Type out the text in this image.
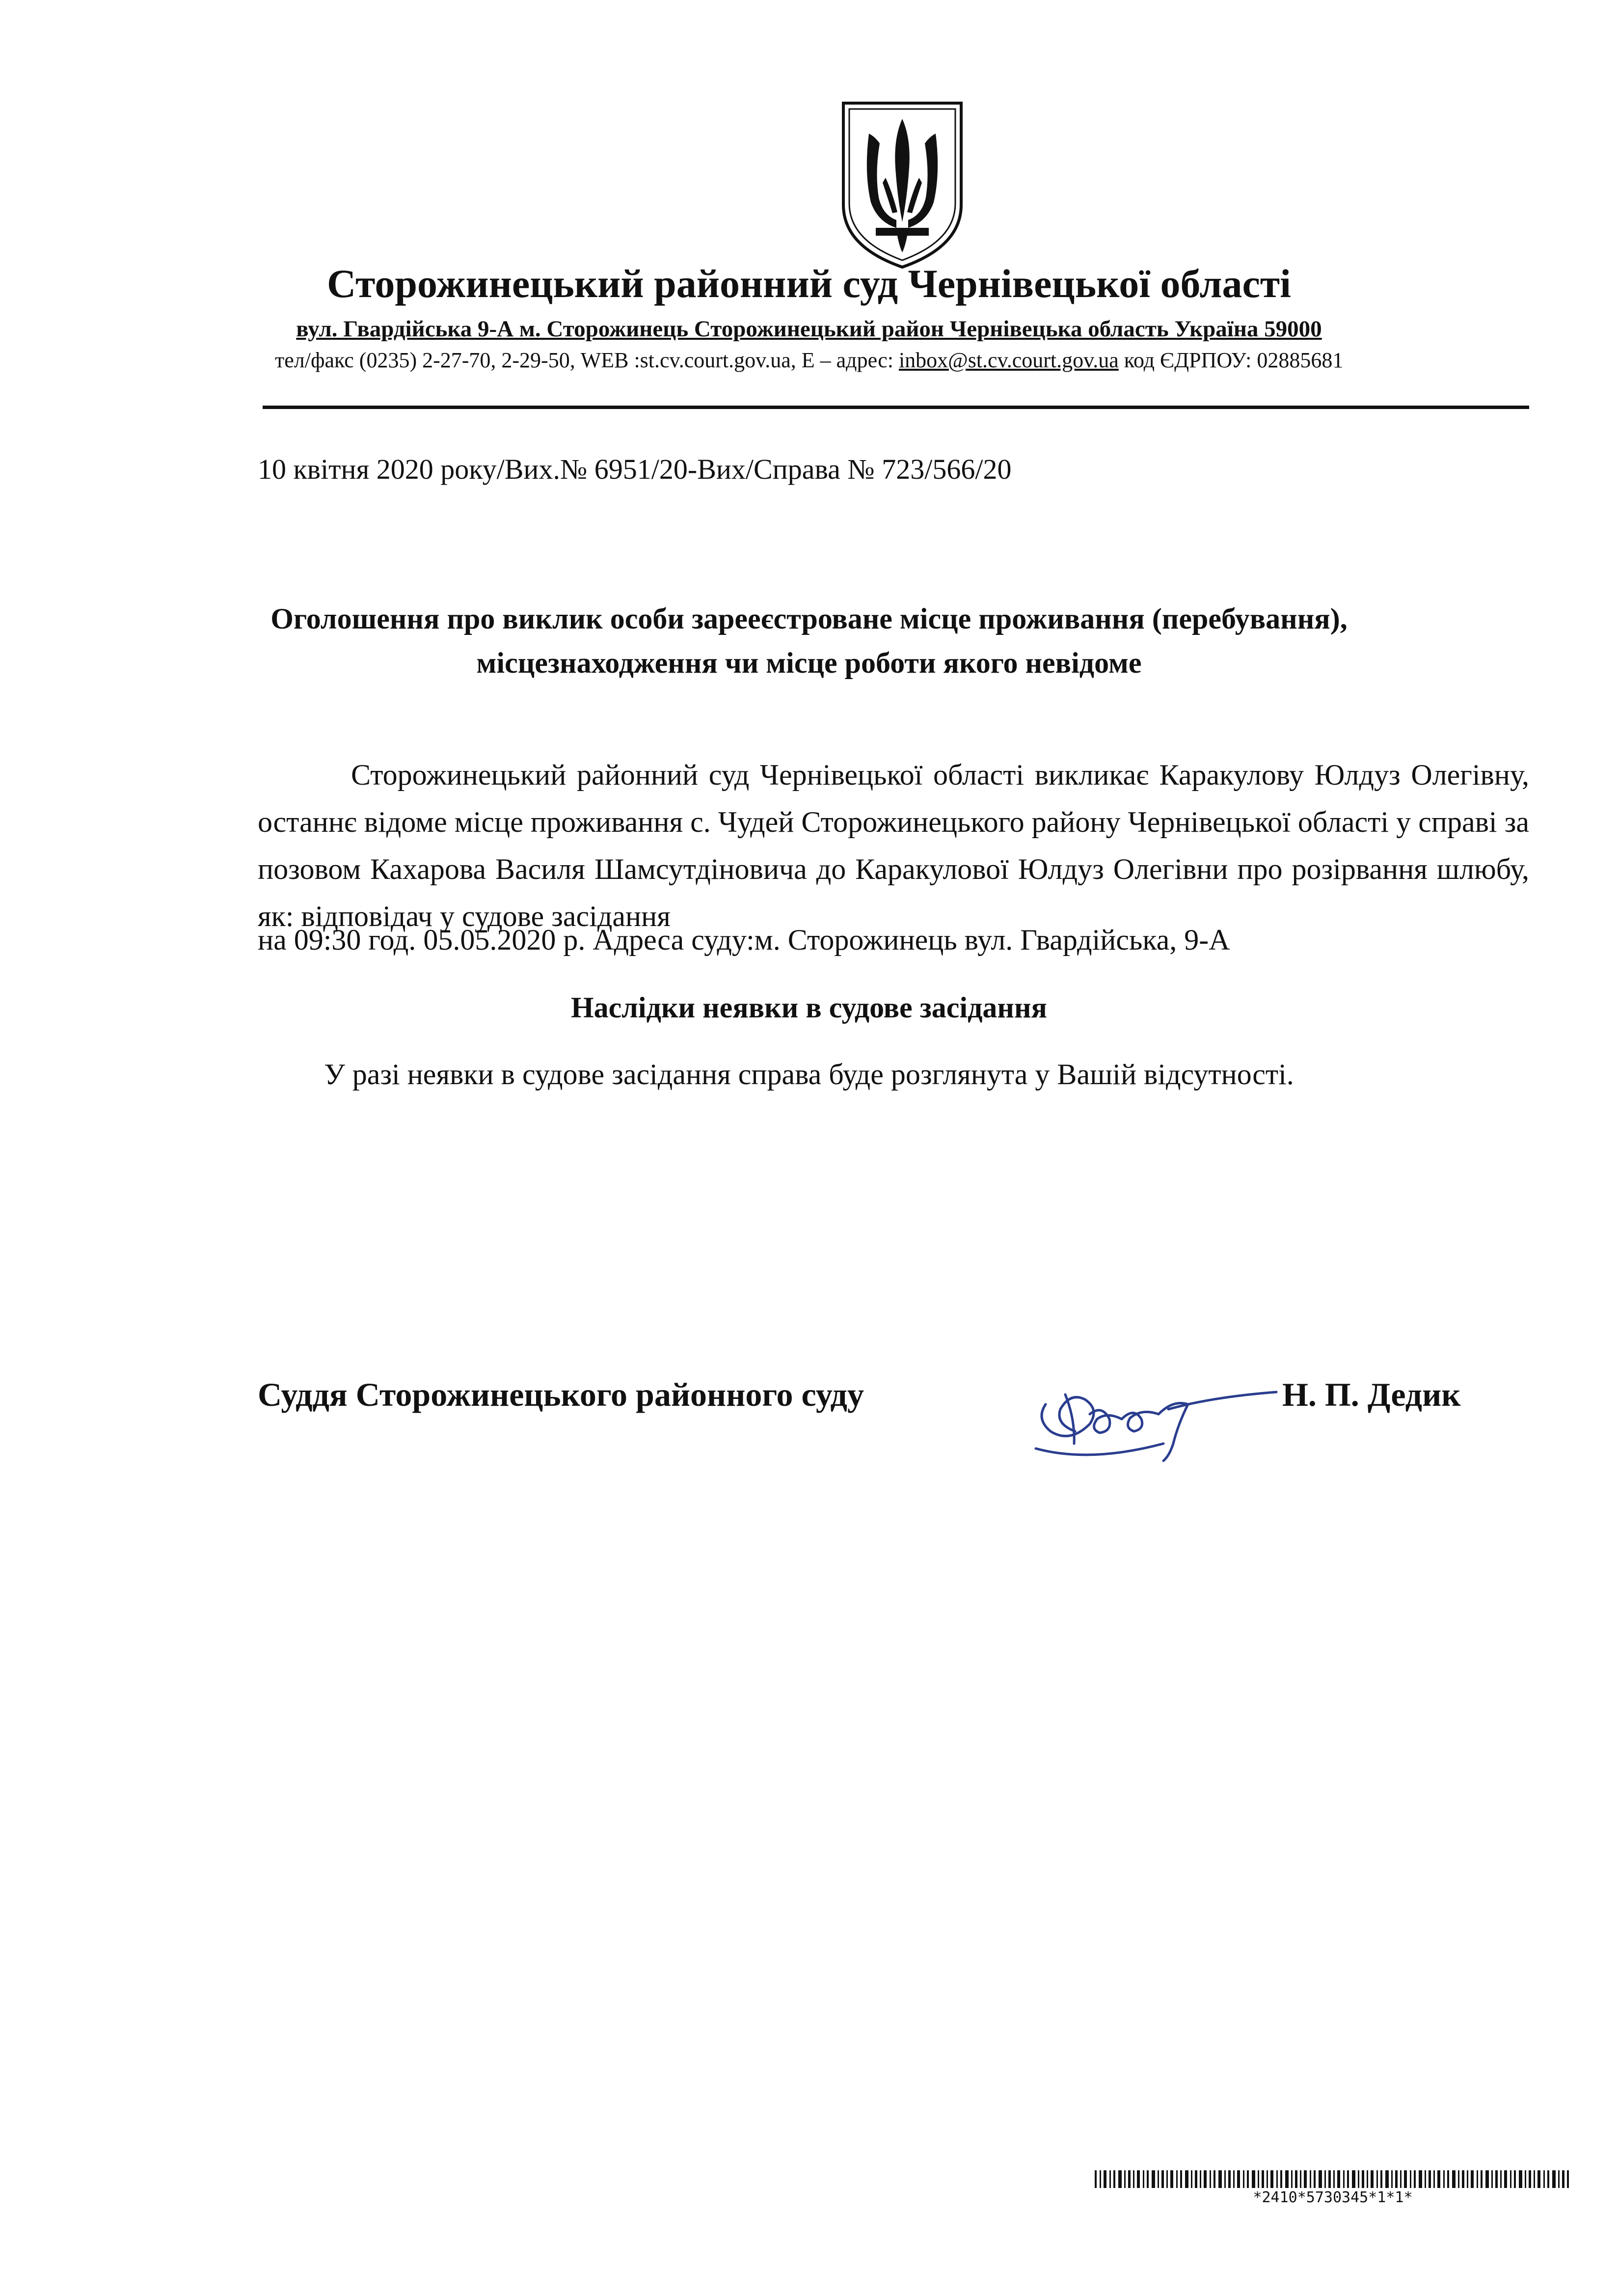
Сторожинецький районний суд Чернівецької області
вул. Гвардійська 9-А м. Сторожинець Сторожинецький район Чернівецька область Україна 59000
тел/факс (0235) 2-27-70, 2-29-50, WEB :st.cv.court.gov.ua, E – адрес: inbox@st.cv.court.gov.ua код ЄДРПОУ: 02885681
10 квітня 2020 року/Вих.№ 6951/20-Вих/Справа № 723/566/20
Оголошення про виклик особи зарееєстроване місце проживання (перебування),
місцезнаходження чи місце роботи якого невідоме
Сторожинецький районний суд Чернівецької області викликає Каракулову Юлдуз Олегівну, останнє відоме місце проживання с. Чудей Сторожинецького району Чернівецької області у справі за позовом Кахарова Василя Шамсутдіновича до Каракулової Юлдуз Олегівни про розірвання шлюбу, як: відповідач у судове засідання
на 09:30 год. 05.05.2020 р. Адреса суду:м. Сторожинець вул. Гвардійська, 9-А
Наслідки неявки в судове засідання
У разі неявки в судове засідання справа буде розглянута у Вашій відсутності.
Суддя Сторожинецького районного суду	Н. П. Дедик
*2410*5730345*1*1*
